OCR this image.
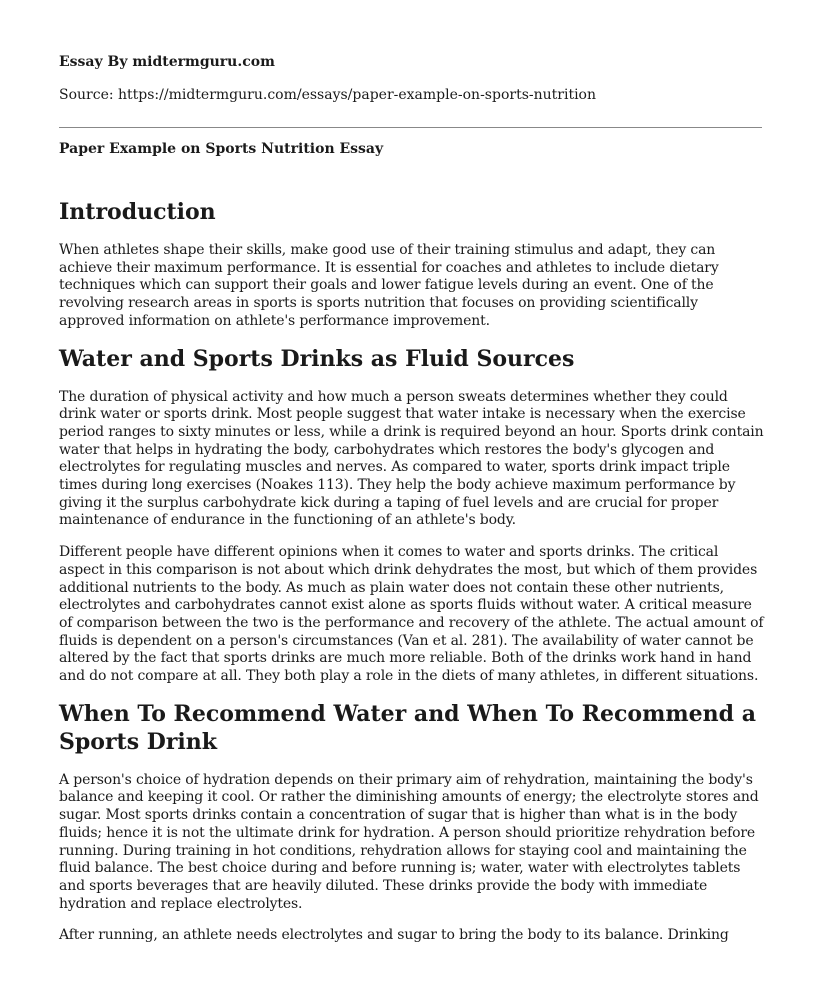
Essay By midtermguru.com
Source: https://midtermguru.com/essays/paper-example-on-sports-nutrition
Paper Example on Sports Nutrition Essay
Introduction

When athletes shape their skills, make good use of their training stimulus and adapt, they can achieve their maximum performance. It is essential for coaches and athletes to include dietary techniques which can support their goals and lower fatigue levels during an event. One of the revolving research areas in sports is sports nutrition that focuses on providing scientifically approved information on athlete's performance improvement.

Water and Sports Drinks as Fluid Sources

The duration of physical activity and how much a person sweats determines whether they could drink water or sports drink. Most people suggest that water intake is necessary when the exercise period ranges to sixty minutes or less, while a drink is required beyond an hour. Sports drink contain water that helps in hydrating the body, carbohydrates which restores the body's glycogen and electrolytes for regulating muscles and nerves. As compared to water, sports drink impact triple times during long exercises (Noakes 113). They help the body achieve maximum performance by giving it the surplus carbohydrate kick during a taping of fuel levels and are crucial for proper maintenance of endurance in the functioning of an athlete's body.

Different people have different opinions when it comes to water and sports drinks. The critical aspect in this comparison is not about which drink dehydrates the most, but which of them provides additional nutrients to the body. As much as plain water does not contain these other nutrients, electrolytes and carbohydrates cannot exist alone as sports fluids without water. A critical measure of comparison between the two is the performance and recovery of the athlete. The actual amount of fluids is dependent on a person's circumstances (Van et al. 281). The availability of water cannot be altered by the fact that sports drinks are much more reliable. Both of the drinks work hand in hand and do not compare at all. They both play a role in the diets of many athletes, in different situations.

When To Recommend Water and When To Recommend a Sports Drink

A person's choice of hydration depends on their primary aim of rehydration, maintaining the body's balance and keeping it cool. Or rather the diminishing amounts of energy; the electrolyte stores and sugar. Most sports drinks contain a concentration of sugar that is higher than what is in the body fluids; hence it is not the ultimate drink for hydration. A person should prioritize rehydration before running. During training in hot conditions, rehydration allows for staying cool and maintaining the fluid balance. The best choice during and before running is; water, water with electrolytes tablets and sports beverages that are heavily diluted. These drinks provide the body with immediate hydration and replace electrolytes.

After running, an athlete needs electrolytes and sugar to bring the body to its balance. Drinking
